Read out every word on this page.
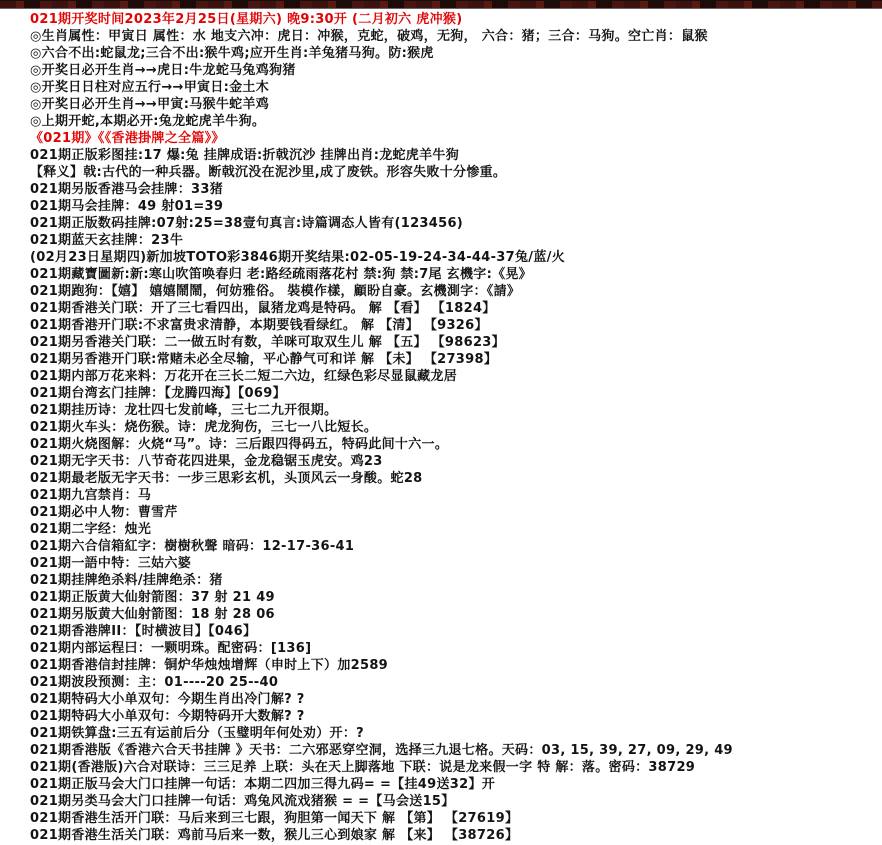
021期开奖时间2023年2月25日(星期六) 晚9:30开 (二月初六 虎冲猴)
◎生肖属性：甲寅日 属性：水 地支六冲：虎日：冲猴，克蛇，破鸡，无狗， 六合：猪；三合：马狗。空亡肖：鼠猴
◎六合不出:蛇鼠龙;三合不出:猴牛鸡;应开生肖:羊兔猪马狗。防:猴虎
◎开奖日必开生肖→→虎日:牛龙蛇马兔鸡狗猪
◎开奖日日柱对应五行→→甲寅日:金土木
◎开奖日必开生肖→→甲寅:马猴牛蛇羊鸡
◎上期开蛇,本期必开:兔龙蛇虎羊牛狗。
《021期》《《香港掛牌之全篇》》
021期正版彩图挂:17 爆:兔 挂牌成语:折戟沉沙 挂牌出肖:龙蛇虎羊牛狗
【释义】戟:古代的一种兵器。断戟沉没在泥沙里,成了废铁。形容失败十分惨重。
021期另版香港马会挂牌：33猪
021期马会挂牌：49 射01=39
021期正版数码挂牌:07射:25=38壹句真言:诗篇调态人皆有(123456)
021期蓝天玄挂牌：23牛
(02月23日星期四)新加坡TOTO彩3846期开奖结果:02-05-19-24-34-44-37兔/蓝/火
021期藏寶圖新:新:寒山吹笛唤春归 老:路经疏雨落花村 禁:狗 禁:7尾 玄機字:《晃》
021期跑狗：【嬉】 嬉嬉鬧鬧，何妨雅俗。 裝模作樣，顧盼自豪。玄機測字：《請》
021期香港关门联：开了三七看四出，鼠猪龙鸡是特码。 解 【看】 【1824】
021期香港开门联:不求富贵求清静，本期要钱看绿红。 解 【清】 【9326】
021期另香港关门联：二一做五时有数，羊咪可取双生儿 解 【五】 【98623】
021期另香港开门联:常赌未必全尽输，平心静气可和详 解 【未】 【27398】
021期内部万花来料：万花开在三长二短二六边，红绿色彩尽显鼠藏龙居
021期台湾玄门挂牌：【龙腾四海】【069】
021期挂历诗：龙壮四七发前峰，三七二九开很期。
021期火车头：烧伤猴。诗：虎龙狗伤，三七一八比短长。
021期火烧图解：火烧“马”。诗：三后跟四得码五，特码此间十六一。
021期无字天书：八节奇花四进果，金龙稳锯玉虎安。鸡23
021期最老版无字天书：一步三思彩玄机，头顶风云一身酸。蛇28
021期九宫禁肖：马
021期必中人物：曹雪芹
021期二字经：烛光
021期六合信箱紅字：樹樹秋聲 暗码：12-17-36-41
021期一語中特：三姑六婆
021期挂牌绝杀料/挂牌绝杀：猪
021期正版黄大仙射箭图：37 射 21 49
021期另版黄大仙射箭图：18 射 28 06
021期香港牌II：【时横波目】【046】
021期内部运程曰：一颗明珠。配密码：[136]
021期香港信封挂牌：铜炉华烛烛增辉（申时上下）加2589
021期波段预测：主：01----20 25--40
021期特码大小单双句：今期生肖出冷门解? ?
021期特码大小单双句：今期特码开大数解? ?
021期铁算盘:三五有运前后分（玉璧明年何处劝）开：?
021期香港版《香港六合天书挂牌 》天书：二六邪恶穿空洞，选择三九退七格。天码：03, 15, 39, 27, 09, 29, 49
021期(香港版)六合对联诗：三三足养 上联：头在天上脚落地 下联：说是龙来假一字 特 解：落。密码：38729
021期正版马会大门口挂牌一句话：本期二四加三得九码= =【挂49送32】开
021期另类马会大门口挂牌一句话：鸡兔风流戏猪猴 = =【马会送15】
021期香港生活开门联：马后来到三七跟，狗胆第一闻天下 解 【第】 【27619】
021期香港生活关门联：鸡前马后来一数，猴儿三心到娘家 解 【来】 【38726】
